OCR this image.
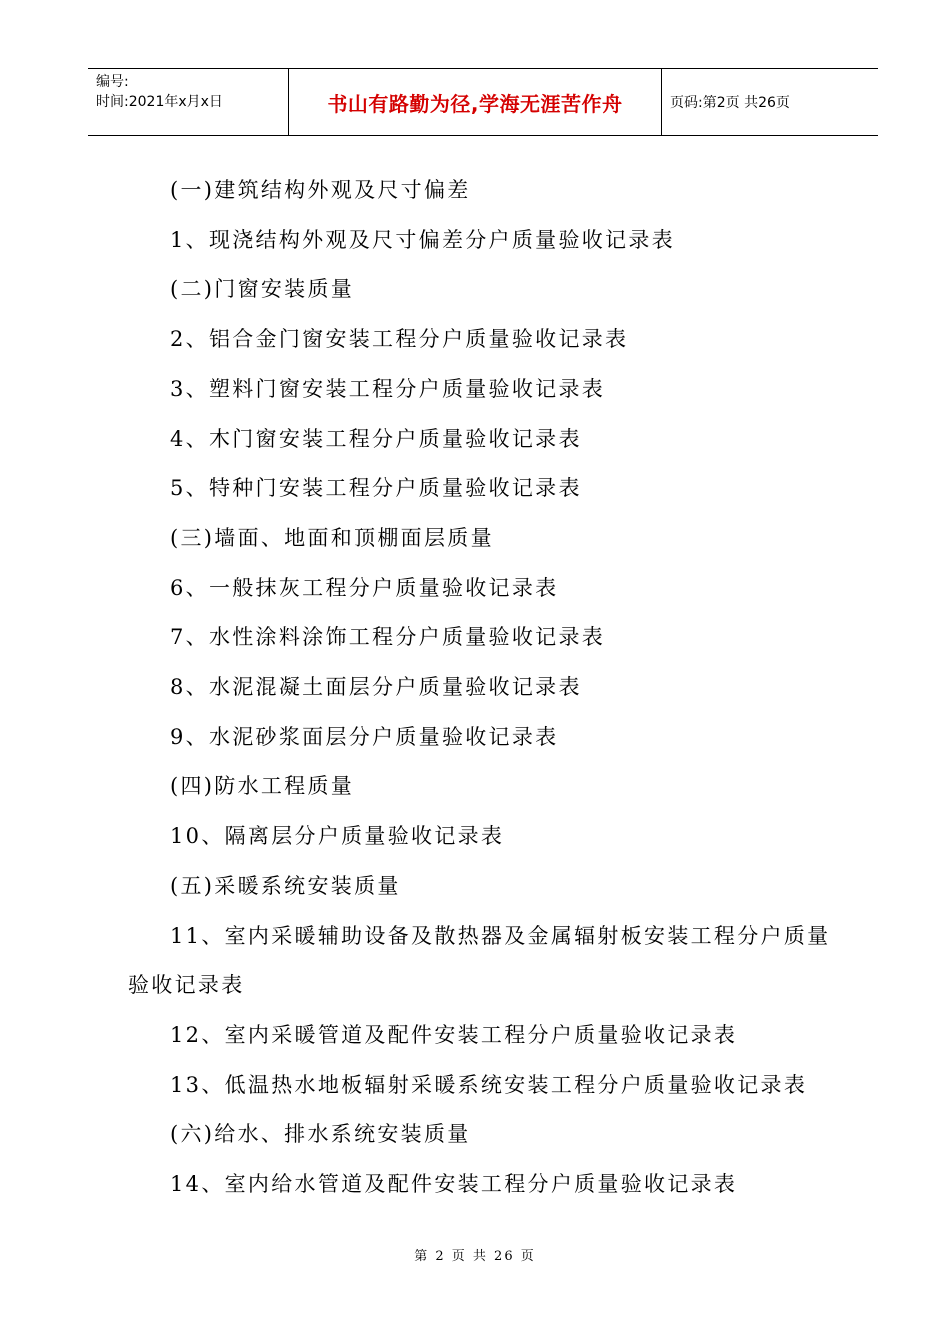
编号:
时间:2021年x月x日	书山有路勤为径,学海无涯苦作舟	页码:第2页 共26页
(一)建筑结构外观及尺寸偏差
1、现浇结构外观及尺寸偏差分户质量验收记录表
(二)门窗安装质量
2、铝合金门窗安装工程分户质量验收记录表
3、塑料门窗安装工程分户质量验收记录表
4、木门窗安装工程分户质量验收记录表
5、特种门安装工程分户质量验收记录表
(三)墙面、地面和顶棚面层质量
6、一般抹灰工程分户质量验收记录表
7、水性涂料涂饰工程分户质量验收记录表
8、水泥混凝土面层分户质量验收记录表
9、水泥砂浆面层分户质量验收记录表
(四)防水工程质量
10、隔离层分户质量验收记录表
(五)采暖系统安装质量
11、室内采暖辅助设备及散热器及金属辐射板安装工程分户质量验收记录表
12、室内采暖管道及配件安装工程分户质量验收记录表
13、低温热水地板辐射采暖系统安装工程分户质量验收记录表
(六)给水、排水系统安装质量
14、室内给水管道及配件安装工程分户质量验收记录表
第 2 页 共 26 页
